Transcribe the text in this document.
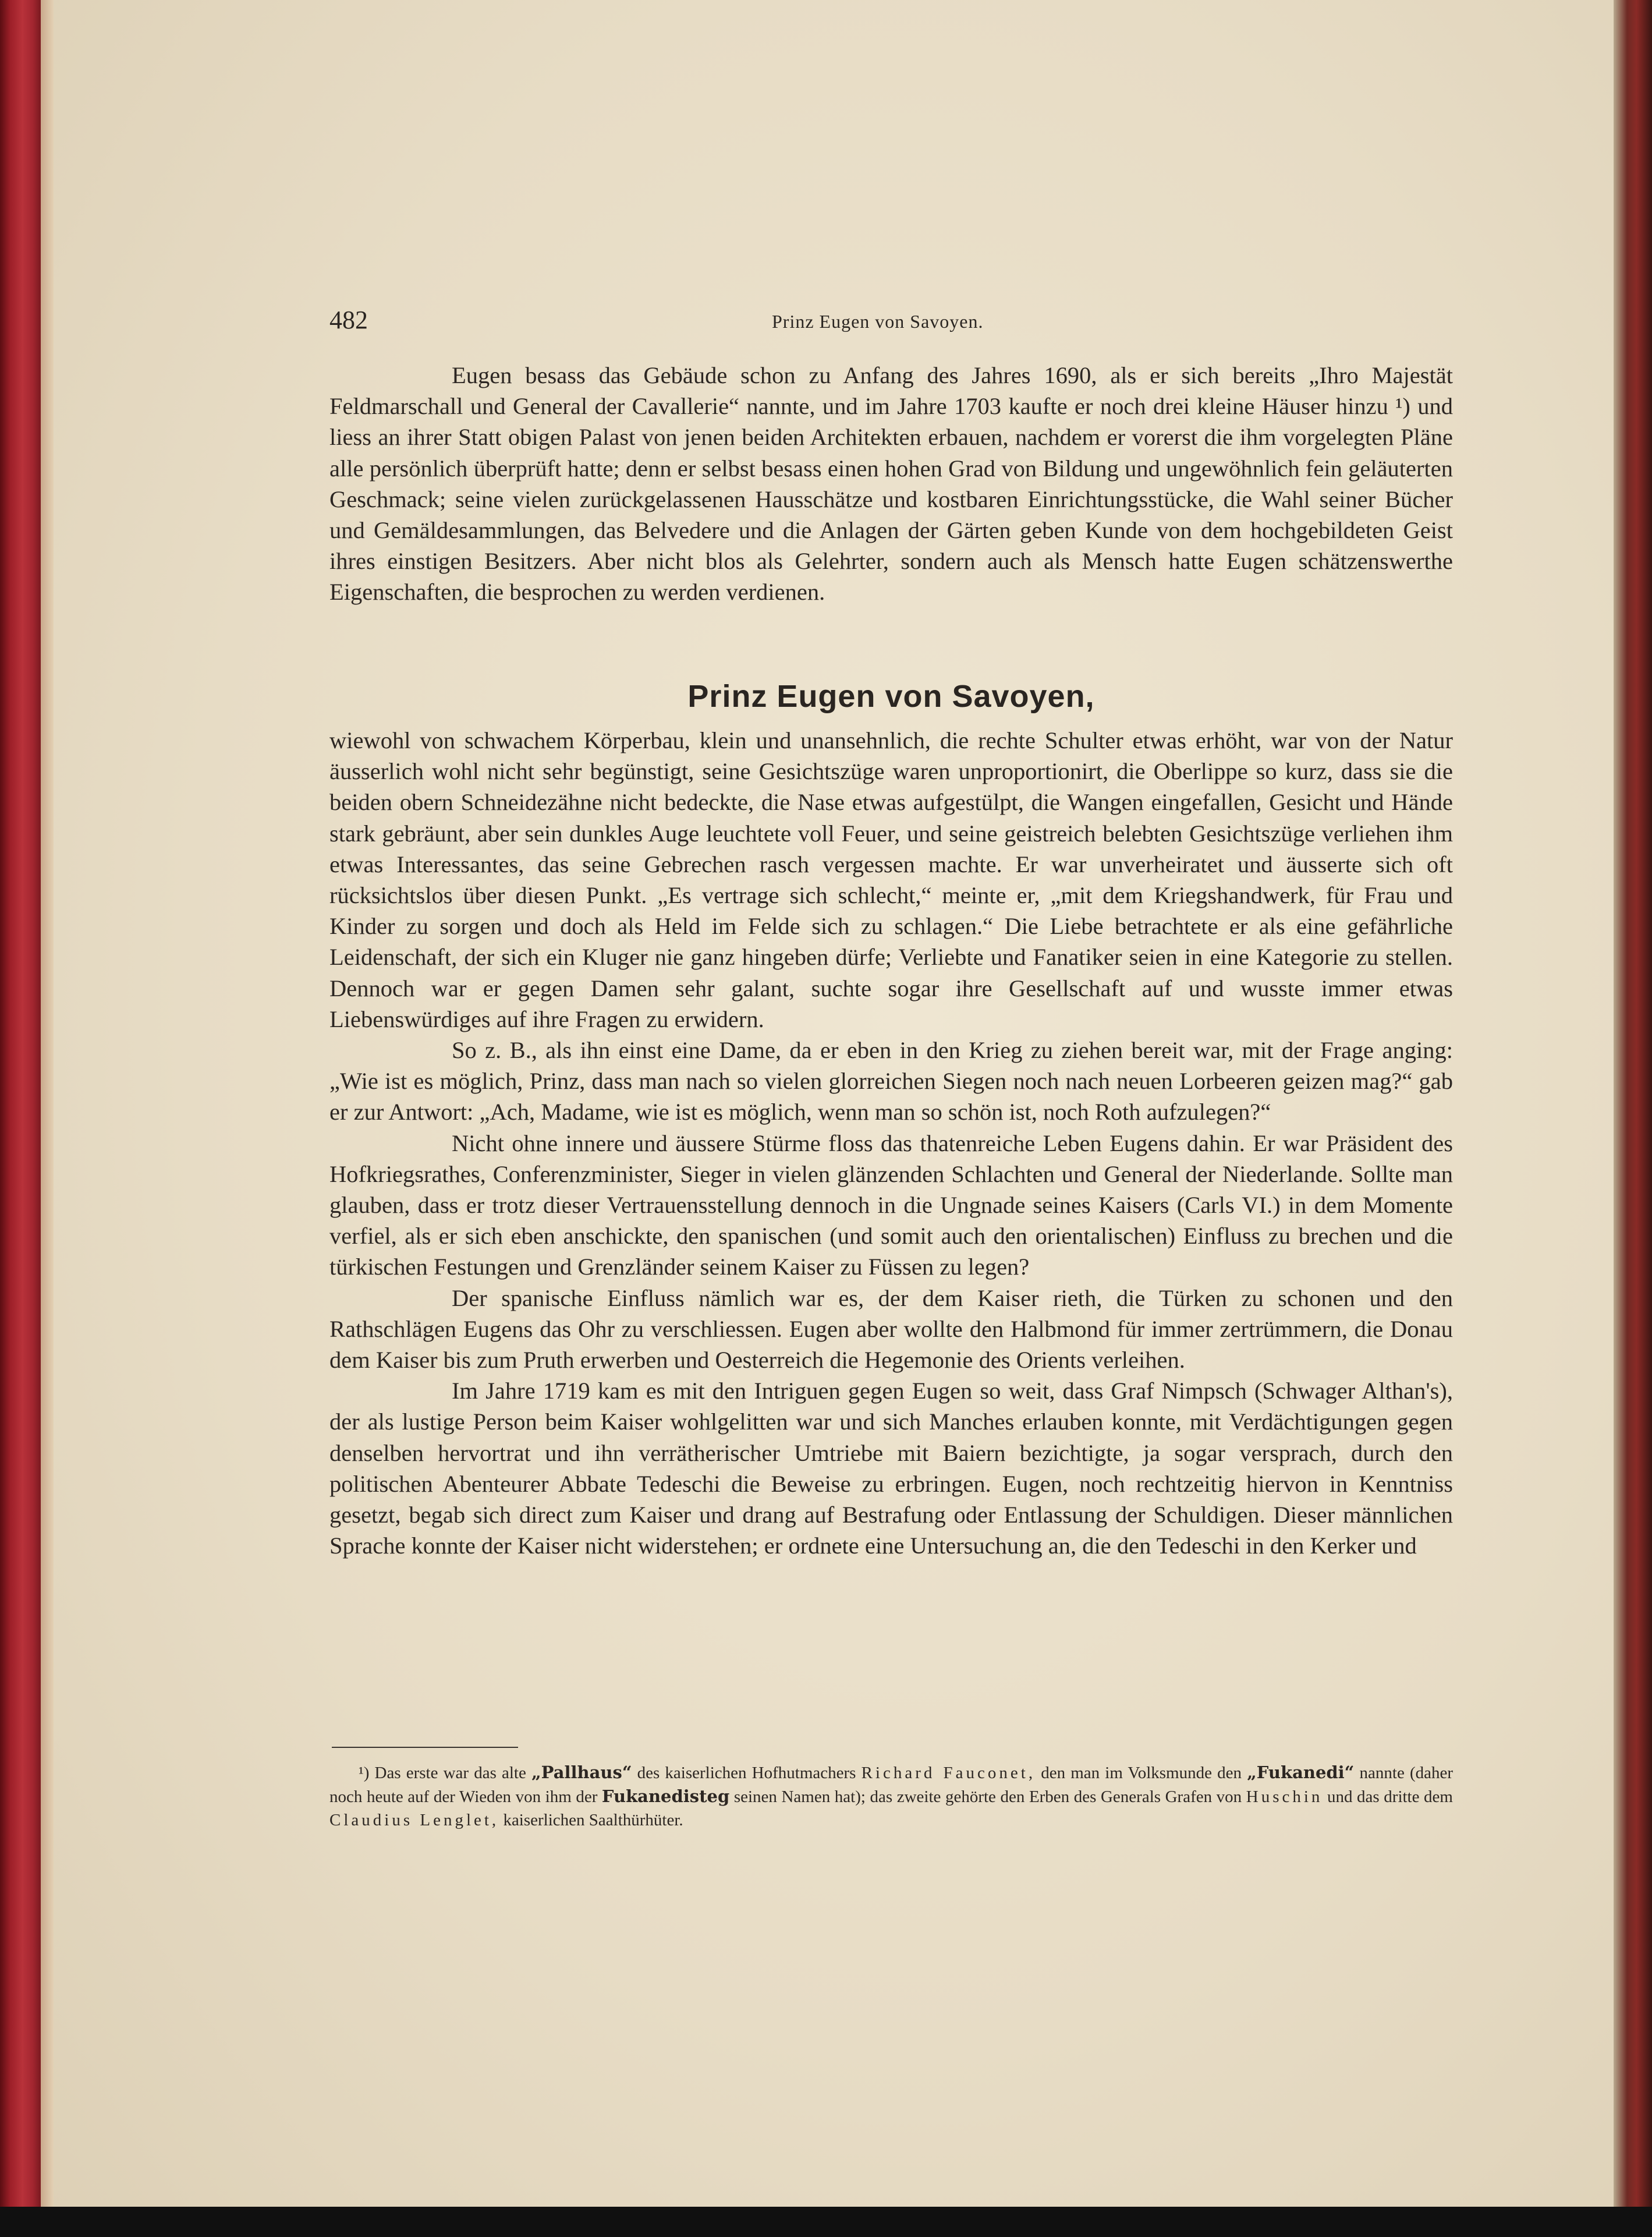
482	Prinz Eugen von Savoyen.

Eugen besass das Gebäude schon zu Anfang des Jahres 1690, als er sich bereits „Ihro Majestät Feldmarschall und General der Cavallerie“ nannte, und im Jahre 1703 kaufte er noch drei kleine Häuser hinzu ¹) und liess an ihrer Statt obigen Palast von jenen beiden Architekten erbauen, nachdem er vorerst die ihm vorgelegten Pläne alle persönlich überprüft hatte; denn er selbst besass einen hohen Grad von Bildung und ungewöhnlich fein geläuterten Geschmack; seine vielen zurückgelassenen Hausschätze und kostbaren Einrichtungsstücke, die Wahl seiner Bücher und Gemäldesammlungen, das Belvedere und die Anlagen der Gärten geben Kunde von dem hochgebildeten Geist ihres einstigen Besitzers. Aber nicht blos als Gelehrter, sondern auch als Mensch hatte Eugen schätzenswerthe Eigenschaften, die besprochen zu werden verdienen.

Prinz Eugen von Savoyen,

wiewohl von schwachem Körperbau, klein und unansehnlich, die rechte Schulter etwas erhöht, war von der Natur äusserlich wohl nicht sehr begünstigt, seine Gesichtszüge waren unproportionirt, die Oberlippe so kurz, dass sie die beiden obern Schneidezähne nicht bedeckte, die Nase etwas aufgestülpt, die Wangen eingefallen, Gesicht und Hände stark gebräunt, aber sein dunkles Auge leuchtete voll Feuer, und seine geistreich belebten Gesichtszüge verliehen ihm etwas Interessantes, das seine Gebrechen rasch vergessen machte. Er war unverheiratet und äusserte sich oft rücksichtslos über diesen Punkt. „Es vertrage sich schlecht,“ meinte er, „mit dem Kriegshandwerk, für Frau und Kinder zu sorgen und doch als Held im Felde sich zu schlagen.“ Die Liebe betrachtete er als eine gefährliche Leidenschaft, der sich ein Kluger nie ganz hingeben dürfe; Verliebte und Fanatiker seien in eine Kategorie zu stellen. Dennoch war er gegen Damen sehr galant, suchte sogar ihre Gesellschaft auf und wusste immer etwas Liebenswürdiges auf ihre Fragen zu erwidern.

So z. B., als ihn einst eine Dame, da er eben in den Krieg zu ziehen bereit war, mit der Frage anging: „Wie ist es möglich, Prinz, dass man nach so vielen glorreichen Siegen noch nach neuen Lorbeeren geizen mag?“ gab er zur Antwort: „Ach, Madame, wie ist es möglich, wenn man so schön ist, noch Roth aufzulegen?“

Nicht ohne innere und äussere Stürme floss das thatenreiche Leben Eugens dahin. Er war Präsident des Hofkriegsrathes, Conferenzminister, Sieger in vielen glänzenden Schlachten und General der Niederlande. Sollte man glauben, dass er trotz dieser Vertrauensstellung dennoch in die Ungnade seines Kaisers (Carls VI.) in dem Momente verfiel, als er sich eben anschickte, den spanischen (und somit auch den orientalischen) Einfluss zu brechen und die türkischen Festungen und Grenzländer seinem Kaiser zu Füssen zu legen?

Der spanische Einfluss nämlich war es, der dem Kaiser rieth, die Türken zu schonen und den Rathschlägen Eugens das Ohr zu verschliessen. Eugen aber wollte den Halbmond für immer zertrümmern, die Donau dem Kaiser bis zum Pruth erwerben und Oesterreich die Hegemonie des Orients verleihen.

Im Jahre 1719 kam es mit den Intriguen gegen Eugen so weit, dass Graf Nimpsch (Schwager Althan's), der als lustige Person beim Kaiser wohlgelitten war und sich Manches erlauben konnte, mit Verdächtigungen gegen denselben hervortrat und ihn verrätherischer Umtriebe mit Baiern bezichtigte, ja sogar versprach, durch den politischen Abenteurer Abbate Tedeschi die Beweise zu erbringen. Eugen, noch rechtzeitig hiervon in Kenntniss gesetzt, begab sich direct zum Kaiser und drang auf Bestrafung oder Entlassung der Schuldigen. Dieser männlichen Sprache konnte der Kaiser nicht widerstehen; er ordnete eine Untersuchung an, die den Tedeschi in den Kerker und

¹) Das erste war das alte „Pallhaus“ des kaiserlichen Hofhutmachers Richard Fauconet, den man im Volksmunde den „Fukanedi“ nannte (daher noch heute auf der Wieden von ihm der Fukanedisteg seinen Namen hat); das zweite gehörte den Erben des Generals Grafen von Huschin und das dritte dem Claudius Lenglet, kaiserlichen Saalthürhüter.
